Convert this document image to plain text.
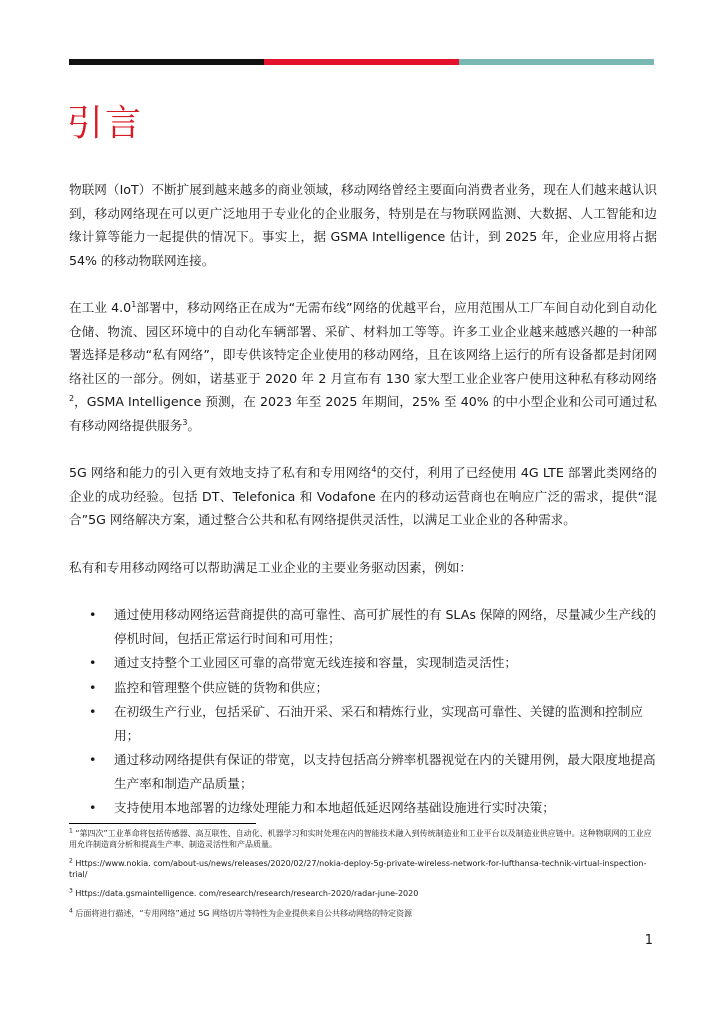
引言

物联网（IoT）不断扩展到越来越多的商业领域，移动网络曾经主要面向消费者业务，现在人们越来越认识到，移动网络现在可以更广泛地用于专业化的企业服务，特别是在与物联网监测、大数据、人工智能和边缘计算等能力一起提供的情况下。事实上，据 GSMA Intelligence 估计，到 2025 年，企业应用将占据 54% 的移动物联网连接。

在工业 $4.0^1$部署中，移动网络正在成为“无需布线”网络的优越平台，应用范围从工厂车间自动化到自动化仓储、物流、园区环境中的自动化车辆部署、采矿、材料加工等等。许多工业企业越来越感兴趣的一种部署选择是移动“私有网络”，即专供该特定企业使用的移动网络，且在该网络上运行的所有设备都是封闭网络社区的一部分。例如，诺基亚于 2020 年 2 月宣布有 130 家大型工业企业客户使用这种私有移动网络$^2$，GSMA Intelligence 预测，在 2023 年至 2025 年期间，25% 至 40% 的中小型企业和公司可通过私有移动网络提供服务$^3$。

5G 网络和能力的引入更有效地支持了私有和专用网络$^4$的交付，利用了已经使用 4G LTE 部署此类网络的企业的成功经验。包括 DT、Telefonica 和 Vodafone 在内的移动运营商也在响应广泛的需求，提供“混合”5G 网络解决方案，通过整合公共和私有网络提供灵活性，以满足工业企业的各种需求。

私有和专用移动网络可以帮助满足工业企业的主要业务驱动因素，例如：

• 通过使用移动网络运营商提供的高可靠性、高可扩展性的有 SLAs 保障的网络，尽量减少生产线的停机时间，包括正常运行时间和可用性；
• 通过支持整个工业园区可靠的高带宽无线连接和容量，实现制造灵活性；
• 监控和管理整个供应链的货物和供应；
• 在初级生产行业，包括采矿、石油开采、采石和精炼行业，实现高可靠性、关键的监测和控制应用；
• 通过移动网络提供有保证的带宽，以支持包括高分辨率机器视觉在内的关键用例，最大限度地提高生产率和制造产品质量；
• 支持使用本地部署的边缘处理能力和本地超低延迟网络基础设施进行实时决策；

$^1$ “第四次”工业革命将包括传感器、高互联性、自动化、机器学习和实时处理在内的智能技术融入到传统制造业和工业平台以及制造业供应链中。这种物联网的工业应用允许制造商分析和提高生产率、制造灵活性和产品质量。

$^2$ Https://www.nokia. com/about-us/news/releases/2020/02/27/nokia-deploy-5g-private-wireless-network-for-lufthansa-technik-virtual-inspection-trial/

$^3$ Https://data.gsmaintelligence. com/research/research/research-2020/radar-june-2020

$^4$ 后面将进行描述，“专用网络”通过 5G 网络切片等特性为企业提供来自公共移动网络的特定资源

1
